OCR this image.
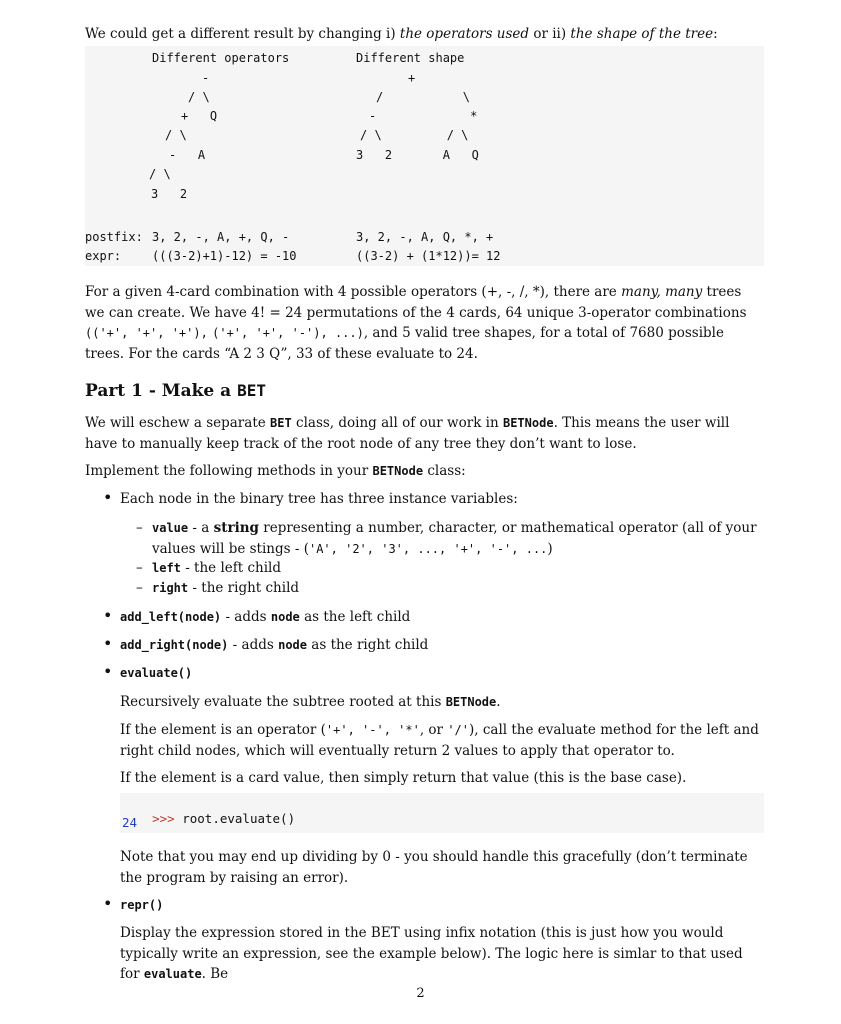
We could get a different result by changing i) the operators used or ii) the shape of the tree:
Different operators	Different shape
-
/ \
+   Q
/ \
-   A
/ \
3   2
+
/           \
-             *
/ \         / \
3   2       A   Q
postfix: 3, 2, -, A, +, Q, -	3, 2, -, A, Q, *, +
expr:	(((3-2)+1)-12) = -10	((3-2) + (1*12))= 12
For a given 4-card combination with 4 possible operators (+, -, /, *), there are many, many trees we can create. We have 4! = 24 permutations of the 4 cards, 64 unique 3-operator combinations (('+', '+', '+'), ('+', '+', '-'), ...), and 5 valid tree shapes, for a total of 7680 possible trees. For the cards “A 2 3 Q”, 33 of these evaluate to 24.
Part 1 - Make a BET
We will eschew a separate BET class, doing all of our work in BETNode. This means the user will have to manually keep track of the root node of any tree they don’t want to lose.
Implement the following methods in your BETNode class:
• Each node in the binary tree has three instance variables:
– value - a string representing a number, character, or mathematical operator (all of your values will be stings - ('A', '2', '3', ..., '+', '-', ...)
– left - the left child
– right - the right child
• add_left(node) - adds node as the left child
• add_right(node) - adds node as the right child
• evaluate()
Recursively evaluate the subtree rooted at this BETNode.
If the element is an operator ('+', '-', '*', or '/'), call the evaluate method for the left and right child nodes, which will eventually return 2 values to apply that operator to.
If the element is a card value, then simply return that value (this is the base case).

>>> root.evaluate()

24
Note that you may end up dividing by 0 - you should handle this gracefully (don’t terminate the program by raising an error).
• repr()
Display the expression stored in the BET using infix notation (this is just how you would typically write an expression, see the example below). The logic here is simlar to that used for evaluate. Be
2
